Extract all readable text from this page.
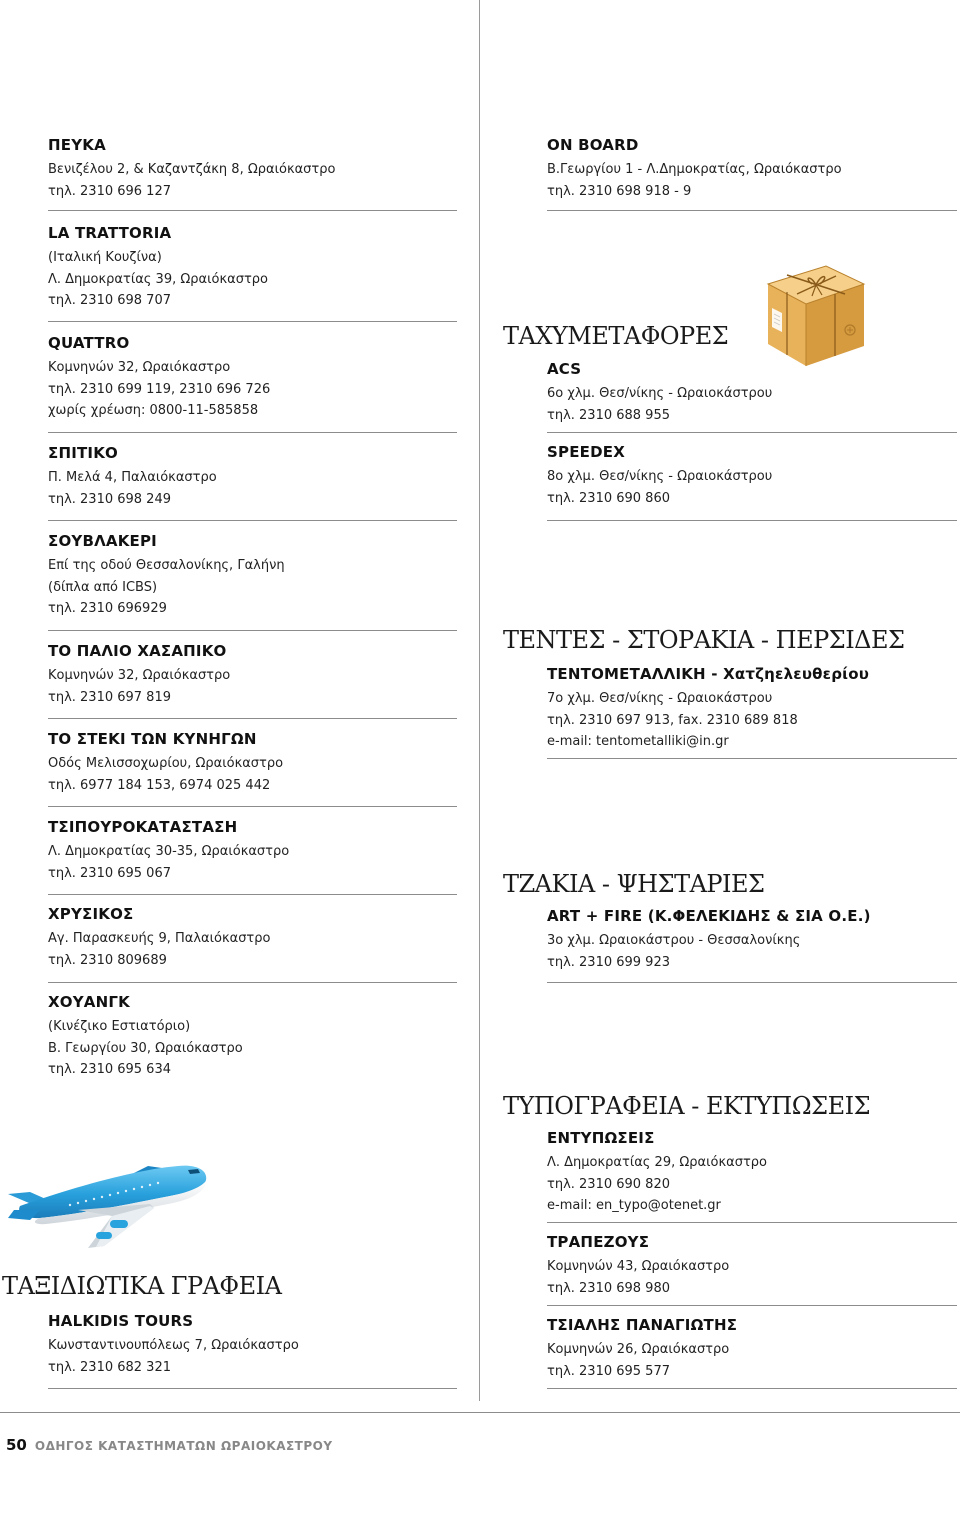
ΠΕΥΚΑ
Βενιζέλου 2, & Καζαντζάκη 8, Ωραιόκαστρο
τηλ. 2310 696 127
LA TRATTORIA
(Ιταλική Κουζίνα)
Λ. Δημοκρατίας 39, Ωραιόκαστρο
τηλ. 2310 698 707
QUATTRO
Κομνηνών 32, Ωραιόκαστρο
τηλ. 2310 699 119, 2310 696 726
χωρίς χρέωση: 0800-11-585858
ΣΠΙΤΙΚΟ
Π. Μελά 4, Παλαιόκαστρο
τηλ. 2310 698 249
ΣΟΥΒΛΑΚΕΡΙ
Επί της οδού Θεσσαλονίκης, Γαλήνη
(δίπλα από ICBS)
τηλ. 2310 696929
ΤΟ ΠΑΛΙΟ ΧΑΣΑΠΙΚΟ
Κομνηνών 32, Ωραιόκαστρο
τηλ. 2310 697 819
ΤΟ ΣΤΕΚΙ ΤΩΝ ΚΥΝΗΓΩΝ
Οδός Μελισσοχωρίου, Ωραιόκαστρο
τηλ. 6977 184 153, 6974 025 442
ΤΣΙΠΟΥΡΟΚΑΤΑΣΤΑΣΗ
Λ. Δημοκρατίας 30-35, Ωραιόκαστρο
τηλ. 2310 695 067
ΧΡΥΣΙΚΟΣ
Αγ. Παρασκευής 9, Παλαιόκαστρο
τηλ. 2310 809689
ΧΟΥΑΝΓΚ
(Κινέζικο Εστιατόριο)
Β. Γεωργίου 30, Ωραιόκαστρο
τηλ. 2310 695 634
HALKIDIS TOURS
Κωνσταντινουπόλεως 7, Ωραιόκαστρο
τηλ. 2310 682 321
ΤΑΞΙΔΙΩΤΙΚΑ ΓΡΑΦΕΙΑ
ON BOARD
Β.Γεωργίου 1 - Λ.Δημοκρατίας, Ωραιόκαστρο
τηλ. 2310 698 918 - 9
ACS
6ο χλμ. Θεσ/νίκης - Ωραιοκάστρου
τηλ. 2310 688 955
SPEEDEX
8ο χλμ. Θεσ/νίκης - Ωραιοκάστρου
τηλ. 2310 690 860
ΤΕΝΤΟΜΕΤΑΛΛΙΚΗ - Χατζηελευθερίου
7ο χλμ. Θεσ/νίκης - Ωραιοκάστρου
τηλ. 2310 697 913, fax. 2310 689 818
e-mail: tentometalliki@in.gr
ART + FIRE (Κ.ΦΕΛΕΚΙΔΗΣ & ΣΙΑ Ο.Ε.)
3ο χλμ. Ωραιοκάστρου - Θεσσαλονίκης
τηλ. 2310 699 923
ΕΝΤΥΠΩΣΕΙΣ
Λ. Δημοκρατίας 29, Ωραιόκαστρο
τηλ. 2310 690 820
e-mail: en_typo@otenet.gr
ΤΡΑΠΕΖΟΥΣ
Κομνηνών 43, Ωραιόκαστρο
τηλ. 2310 698 980
ΤΣΙΑΛΗΣ ΠΑΝΑΓΙΩΤΗΣ
Κομνηνών 26, Ωραιόκαστρο
τηλ. 2310 695 577
ΤΑΧΥΜΕΤΑΦΟΡΕΣ
ΤΕΝΤΕΣ - ΣΤΟΡΑΚΙΑ - ΠΕΡΣΙΔΕΣ
ΤΖΑΚΙΑ - ΨΗΣΤΑΡΙΕΣ
ΤΥΠΟΓΡΑΦΕΙΑ - ΕΚΤΥΠΩΣΕΙΣ
50 ΟΔΗΓΟΣ ΚΑΤΑΣΤΗΜΑΤΩΝ ΩΡΑΙΟΚΑΣΤΡΟΥ
